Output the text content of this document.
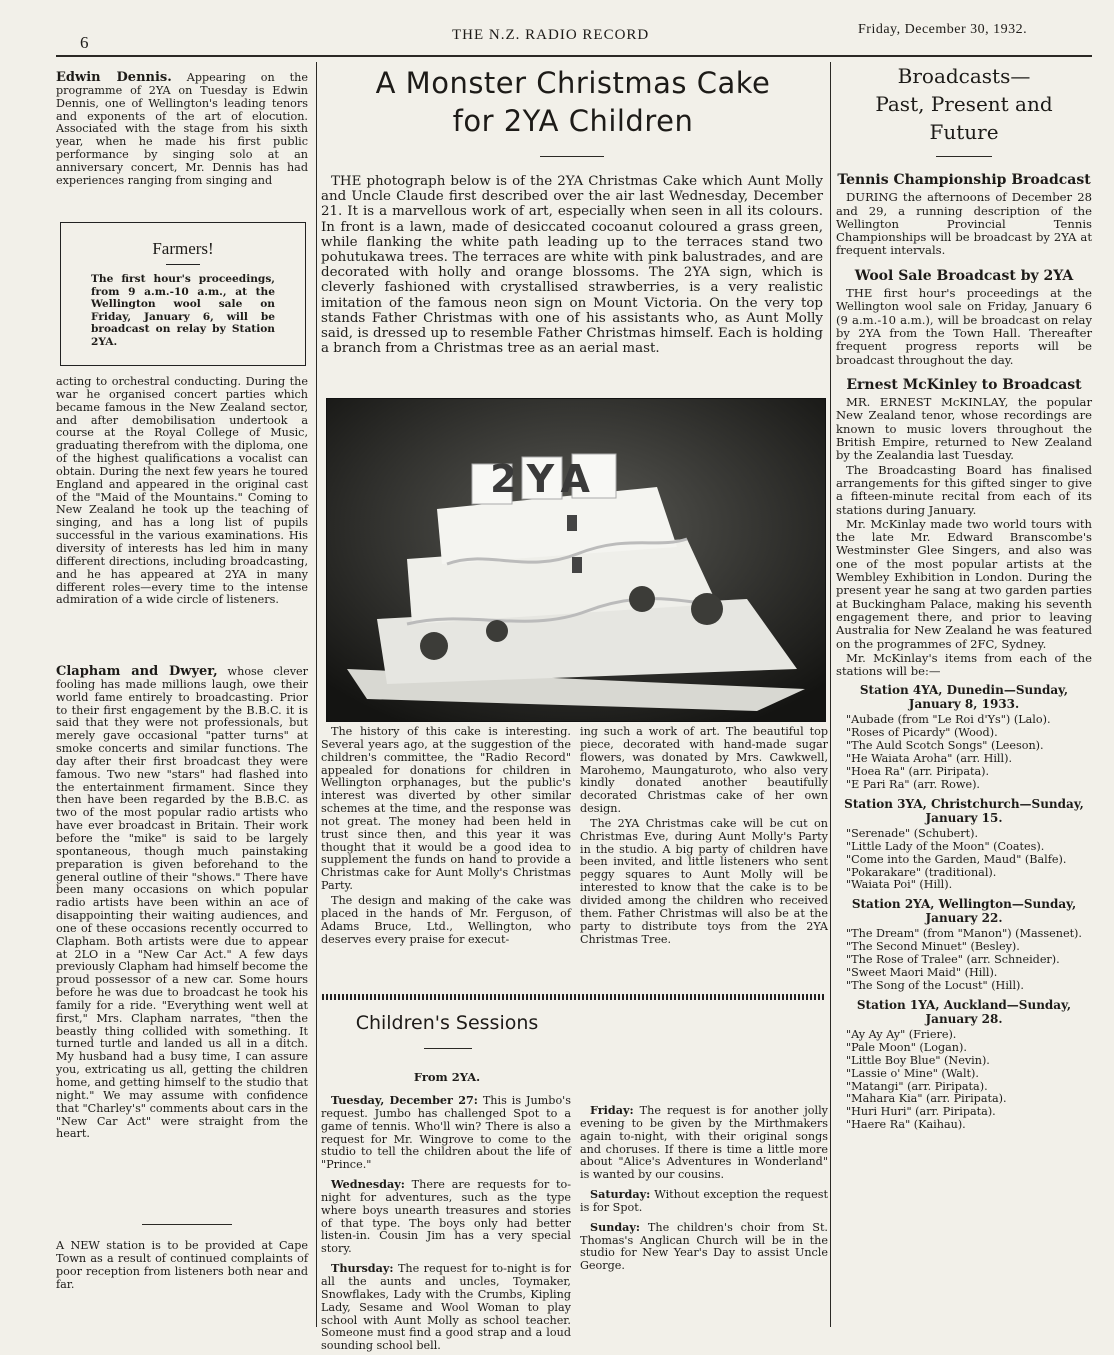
6	THE N.Z. RADIO RECORD	Friday, December 30, 1932.

Edwin Dennis. Appearing on the programme of 2YA on Tuesday is Edwin Dennis, one of Wellington's leading tenors and exponents of the art of elocution. Associated with the stage from his sixth year, when he made his first public performance by singing solo at an anniversary concert, Mr. Dennis has had experiences ranging from singing and

Farmers!
The first hour's proceedings, from 9 a.m.-10 a.m., at the Wellington wool sale on Friday, January 6, will be broadcast on relay by Station 2YA.

acting to orchestral conducting. During the war he organised concert parties which became famous in the New Zealand sector, and after demobilisation undertook a course at the Royal College of Music, graduating therefrom with the diploma, one of the highest qualifications a vocalist can obtain. During the next few years he toured England and appeared in the original cast of the "Maid of the Mountains." Coming to New Zealand he took up the teaching of singing, and has a long list of pupils successful in the various examinations. His diversity of interests has led him in many different directions, including broadcasting, and he has appeared at 2YA in many different roles—every time to the intense admiration of a wide circle of listeners.

Clapham and Dwyer, whose clever fooling has made millions laugh, owe their world fame entirely to broadcasting. Prior to their first engagement by the B.B.C. it is said that they were not professionals, but merely gave occasional "patter turns" at smoke concerts and similar functions. The day after their first broadcast they were famous. Two new "stars" had flashed into the entertainment firmament. Since they then have been regarded by the B.B.C. as two of the most popular radio artists who have ever broadcast in Britain. Their work before the "mike" is said to be largely spontaneous, though much painstaking preparation is given beforehand to the general outline of their "shows." There have been many occasions on which popular radio artists have been within an ace of disappointing their waiting audiences, and one of these occasions recently occurred to Clapham. Both artists were due to appear at 2LO in a "New Car Act." A few days previously Clapham had himself become the proud possessor of a new car. Some hours before he was due to broadcast he took his family for a ride. "Everything went well at first," Mrs. Clapham narrates, "then the beastly thing collided with something. It turned turtle and landed us all in a ditch. My husband had a busy time, I can assure you, extricating us all, getting the children home, and getting himself to the studio that night." We may assume with confidence that "Charley's" comments about cars in the "New Car Act" were straight from the heart.

A NEW station is to be provided at Cape Town as a result of continued complaints of poor reception from listeners both near and far.

A Monster Christmas Cake
for 2YA Children

THE photograph below is of the 2YA Christmas Cake which Aunt Molly and Uncle Claude first described over the air last Wednesday, December 21. It is a marvellous work of art, especially when seen in all its colours. In front is a lawn, made of desiccated cocoanut coloured a grass green, while flanking the white path leading up to the terraces stand two pohutukawa trees. The terraces are white with pink balustrades, and are decorated with holly and orange blossoms. The 2YA sign, which is cleverly fashioned with crystallised strawberries, is a very realistic imitation of the famous neon sign on Mount Victoria. On the very top stands Father Christmas with one of his assistants who, as Aunt Molly said, is dressed up to resemble Father Christmas himself. Each is holding a branch from a Christmas tree as an aerial mast.

2YA

The history of this cake is interesting. Several years ago, at the suggestion of the children's committee, the "Radio Record" appealed for donations for children in Wellington orphanages, but the public's interest was diverted by other similar schemes at the time, and the response was not great. The money had been held in trust since then, and this year it was thought that it would be a good idea to supplement the funds on hand to provide a Christmas cake for Aunt Molly's Christmas Party.

The design and making of the cake was placed in the hands of Mr. Ferguson, of Adams Bruce, Ltd., Wellington, who deserves every praise for execut-

ing such a work of art. The beautiful top piece, decorated with hand-made sugar flowers, was donated by Mrs. Cawkwell, Marohemo, Maungaturoto, who also very kindly donated another beautifully decorated Christmas cake of her own design.

The 2YA Christmas cake will be cut on Christmas Eve, during Aunt Molly's Party in the studio. A big party of children have been invited, and little listeners who sent peggy squares to Aunt Molly will be interested to know that the cake is to be divided among the children who received them. Father Christmas will also be at the party to distribute toys from the 2YA Christmas Tree.

Children's Sessions
From 2YA.

Tuesday, December 27: This is Jumbo's request. Jumbo has challenged Spot to a game of tennis. Who'll win? There is also a request for Mr. Wingrove to come to the studio to tell the children about the life of "Prince."

Wednesday: There are requests for to-night for adventures, such as the type where boys unearth treasures and stories of that type. The boys only had better listen-in. Cousin Jim has a very special story.

Thursday: The request for to-night is for all the aunts and uncles, Toymaker, Snowflakes, Lady with the Crumbs, Kipling Lady, Sesame and Wool Woman to play school with Aunt Molly as school teacher. Someone must find a good strap and a loud sounding school bell.

Friday: The request is for another jolly evening to be given by the Mirthmakers again to-night, with their original songs and choruses. If there is time a little more about "Alice's Adventures in Wonderland" is wanted by our cousins.

Saturday: Without exception the request is for Spot.

Sunday: The children's choir from St. Thomas's Anglican Church will be in the studio for New Year's Day to assist Uncle George.

Broadcasts—
Past, Present and
Future
Tennis Championship Broadcast

DURING the afternoons of December 28 and 29, a running description of the Wellington Provincial Tennis Championships will be broadcast by 2YA at frequent intervals.

Wool Sale Broadcast by 2YA

THE first hour's proceedings at the Wellington wool sale on Friday, January 6 (9 a.m.-10 a.m.), will be broadcast on relay by 2YA from the Town Hall. Thereafter frequent progress reports will be broadcast throughout the day.

Ernest McKinley to Broadcast

MR. ERNEST McKINLAY, the popular New Zealand tenor, whose recordings are known to music lovers throughout the British Empire, returned to New Zealand by the Zealandia last Tuesday.

The Broadcasting Board has finalised arrangements for this gifted singer to give a fifteen-minute recital from each of its stations during January.

Mr. McKinlay made two world tours with the late Mr. Edward Branscombe's Westminster Glee Singers, and also was one of the most popular artists at the Wembley Exhibition in London. During the present year he sang at two garden parties at Buckingham Palace, making his seventh engagement there, and prior to leaving Australia for New Zealand he was featured on the programmes of 2FC, Sydney.

Mr. McKinlay's items from each of the stations will be:—

Station 4YA, Dunedin—Sunday, January 8, 1933.
"Aubade (from "Le Roi d'Ys") (Lalo).
"Roses of Picardy" (Wood).
"The Auld Scotch Songs" (Leeson).
"He Waiata Aroha" (arr. Hill).
"Hoea Ra" (arr. Piripata).
"E Pari Ra" (arr. Rowe).
Station 3YA, Christchurch—Sunday, January 15.
"Serenade" (Schubert).
"Little Lady of the Moon" (Coates).
"Come into the Garden, Maud" (Balfe).
"Pokarakare" (traditional).
"Waiata Poi" (Hill).
Station 2YA, Wellington—Sunday, January 22.
"The Dream" (from "Manon") (Massenet).
"The Second Minuet" (Besley).
"The Rose of Tralee" (arr. Schneider).
"Sweet Maori Maid" (Hill).
"The Song of the Locust" (Hill).
Station 1YA, Auckland—Sunday, January 28.
"Ay Ay Ay" (Friere).
"Pale Moon" (Logan).
"Little Boy Blue" (Nevin).
"Lassie o' Mine" (Walt).
"Matangi" (arr. Piripata).
"Mahara Kia" (arr. Piripata).
"Huri Huri" (arr. Piripata).
"Haere Ra" (Kaihau).
